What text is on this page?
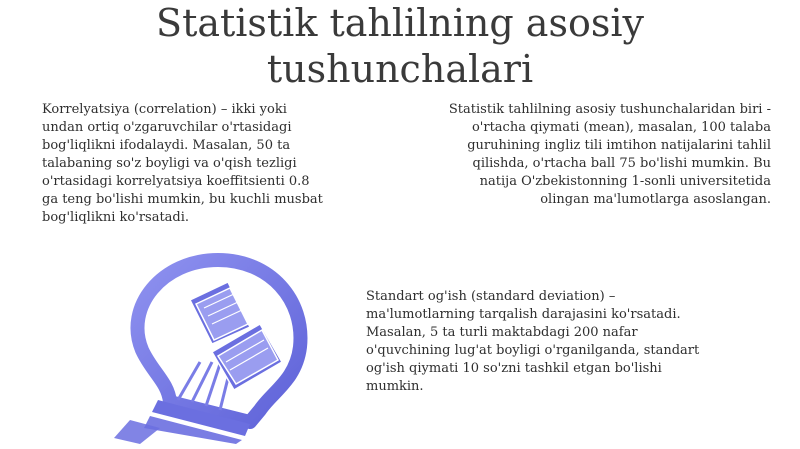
Statistik tahlilning asosiy
tushunchalari
Korrelyatsiya (correlation) – ikki yoki
undan ortiq o'zgaruvchilar o'rtasidagi
bog'liqlikni ifodalaydi. Masalan, 50 ta
talabaning so'z boyligi va o'qish tezligi
o'rtasidagi korrelyatsiya koeffitsienti 0.8
ga teng bo'lishi mumkin, bu kuchli musbat
bog'liqlikni ko'rsatadi.
Statistik tahlilning asosiy tushunchalaridan biri -
o'rtacha qiymati (mean), masalan, 100 talaba
guruhining ingliz tili imtihon natijalarini tahlil
qilishda, o'rtacha ball 75 bo'lishi mumkin. Bu
natija O'zbekistonning 1-sonli universitetida
olingan ma'lumotlarga asoslangan.
Standart og'ish (standard deviation) –
ma'lumotlarning tarqalish darajasini ko'rsatadi.
Masalan, 5 ta turli maktabdagi 200 nafar
o'quvchining lug'at boyligi o'rganilganda, standart
og'ish qiymati 10 so'zni tashkil etgan bo'lishi
mumkin.
